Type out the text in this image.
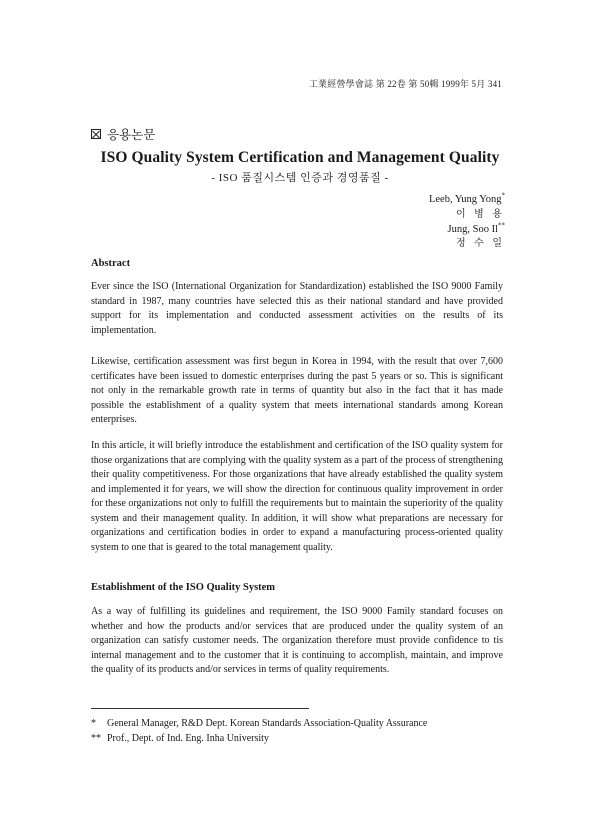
工業經營學會誌 第 22卷 第 50輯 1999年 5月 341
응용논문
ISO Quality System Certification and Management Quality
- ISO 품질시스템 인증과 경영품질 -
Leeb, Yung Yong*
이 병 용
Jung, Soo Il**
정 수 일
Abstract

Ever since the ISO (International Organization for Standardization) established the ISO 9000 Family standard in 1987, many countries have selected this as their national standard and have provided support for its implementation and conducted assessment activities on the results of its implementation.

Likewise, certification assessment was first begun in Korea in 1994, with the result that over 7,600 certificates have been issued to domestic enterprises during the past 5 years or so. This is significant not only in the remarkable growth rate in terms of quantity but also in the fact that it has made possible the establishment of a quality system that meets international standards among Korean enterprises.

In this article, it will briefly introduce the establishment and certification of the ISO quality system for those organizations that are complying with the quality system as a part of the process of strengthening their quality competitiveness. For those organizations that have already established the quality system and implemented it for years, we will show the direction for continuous quality improvement in order for these organizations not only to fulfill the requirements but to maintain the superiority of the quality system and their management quality. In addition, it will show what preparations are necessary for organizations and certification bodies in order to expand a manufacturing process-oriented quality system to one that is geared to the total management quality.

Establishment of the ISO Quality System

As a way of fulfilling its guidelines and requirement, the ISO 9000 Family standard focuses on whether and how the products and/or services that are produced under the quality system of an organization can satisfy customer needs. The organization therefore must provide confidence to tis internal management and to the customer that it is continuing to accomplish, maintain, and improve the quality of its products and/or services in terms of quality requirements.

* General Manager, R&D Dept. Korean Standards Association-Quality Assurance
** Prof., Dept. of Ind. Eng. Inha University
